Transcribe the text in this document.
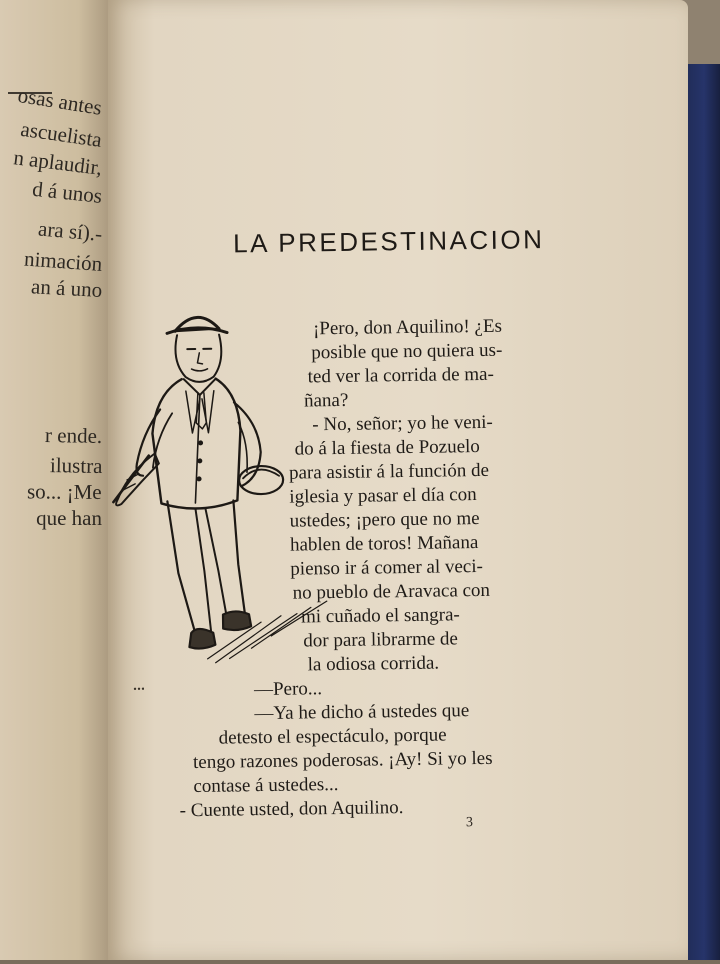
osas antes
ascuelista
n aplaudir,
d á unos
ara sí).-
nimación
an á uno
r ende.
ilustra
so... ¡Me
que han
LA PREDESTINACION
¡Pero, don Aquilino! ¿Es
posible que no quiera us-
ted ver la corrida de ma-
ñana?
- No, señor; yo he veni-
do á la fiesta de Pozuelo
para asistir á la función de
iglesia y pasar el día con
ustedes; ¡pero que no me
hablen de toros! Mañana
pienso ir á comer al veci-
no pueblo de Aravaca con
mi cuñado el sangra-
dor para librarme de
la odiosa corrida.
—Pero...
—Ya he dicho á ustedes que
detesto el espectáculo, porque
tengo razones poderosas. ¡Ay! Si yo les
contase á ustedes...
- Cuente usted, don Aquilino.
3
